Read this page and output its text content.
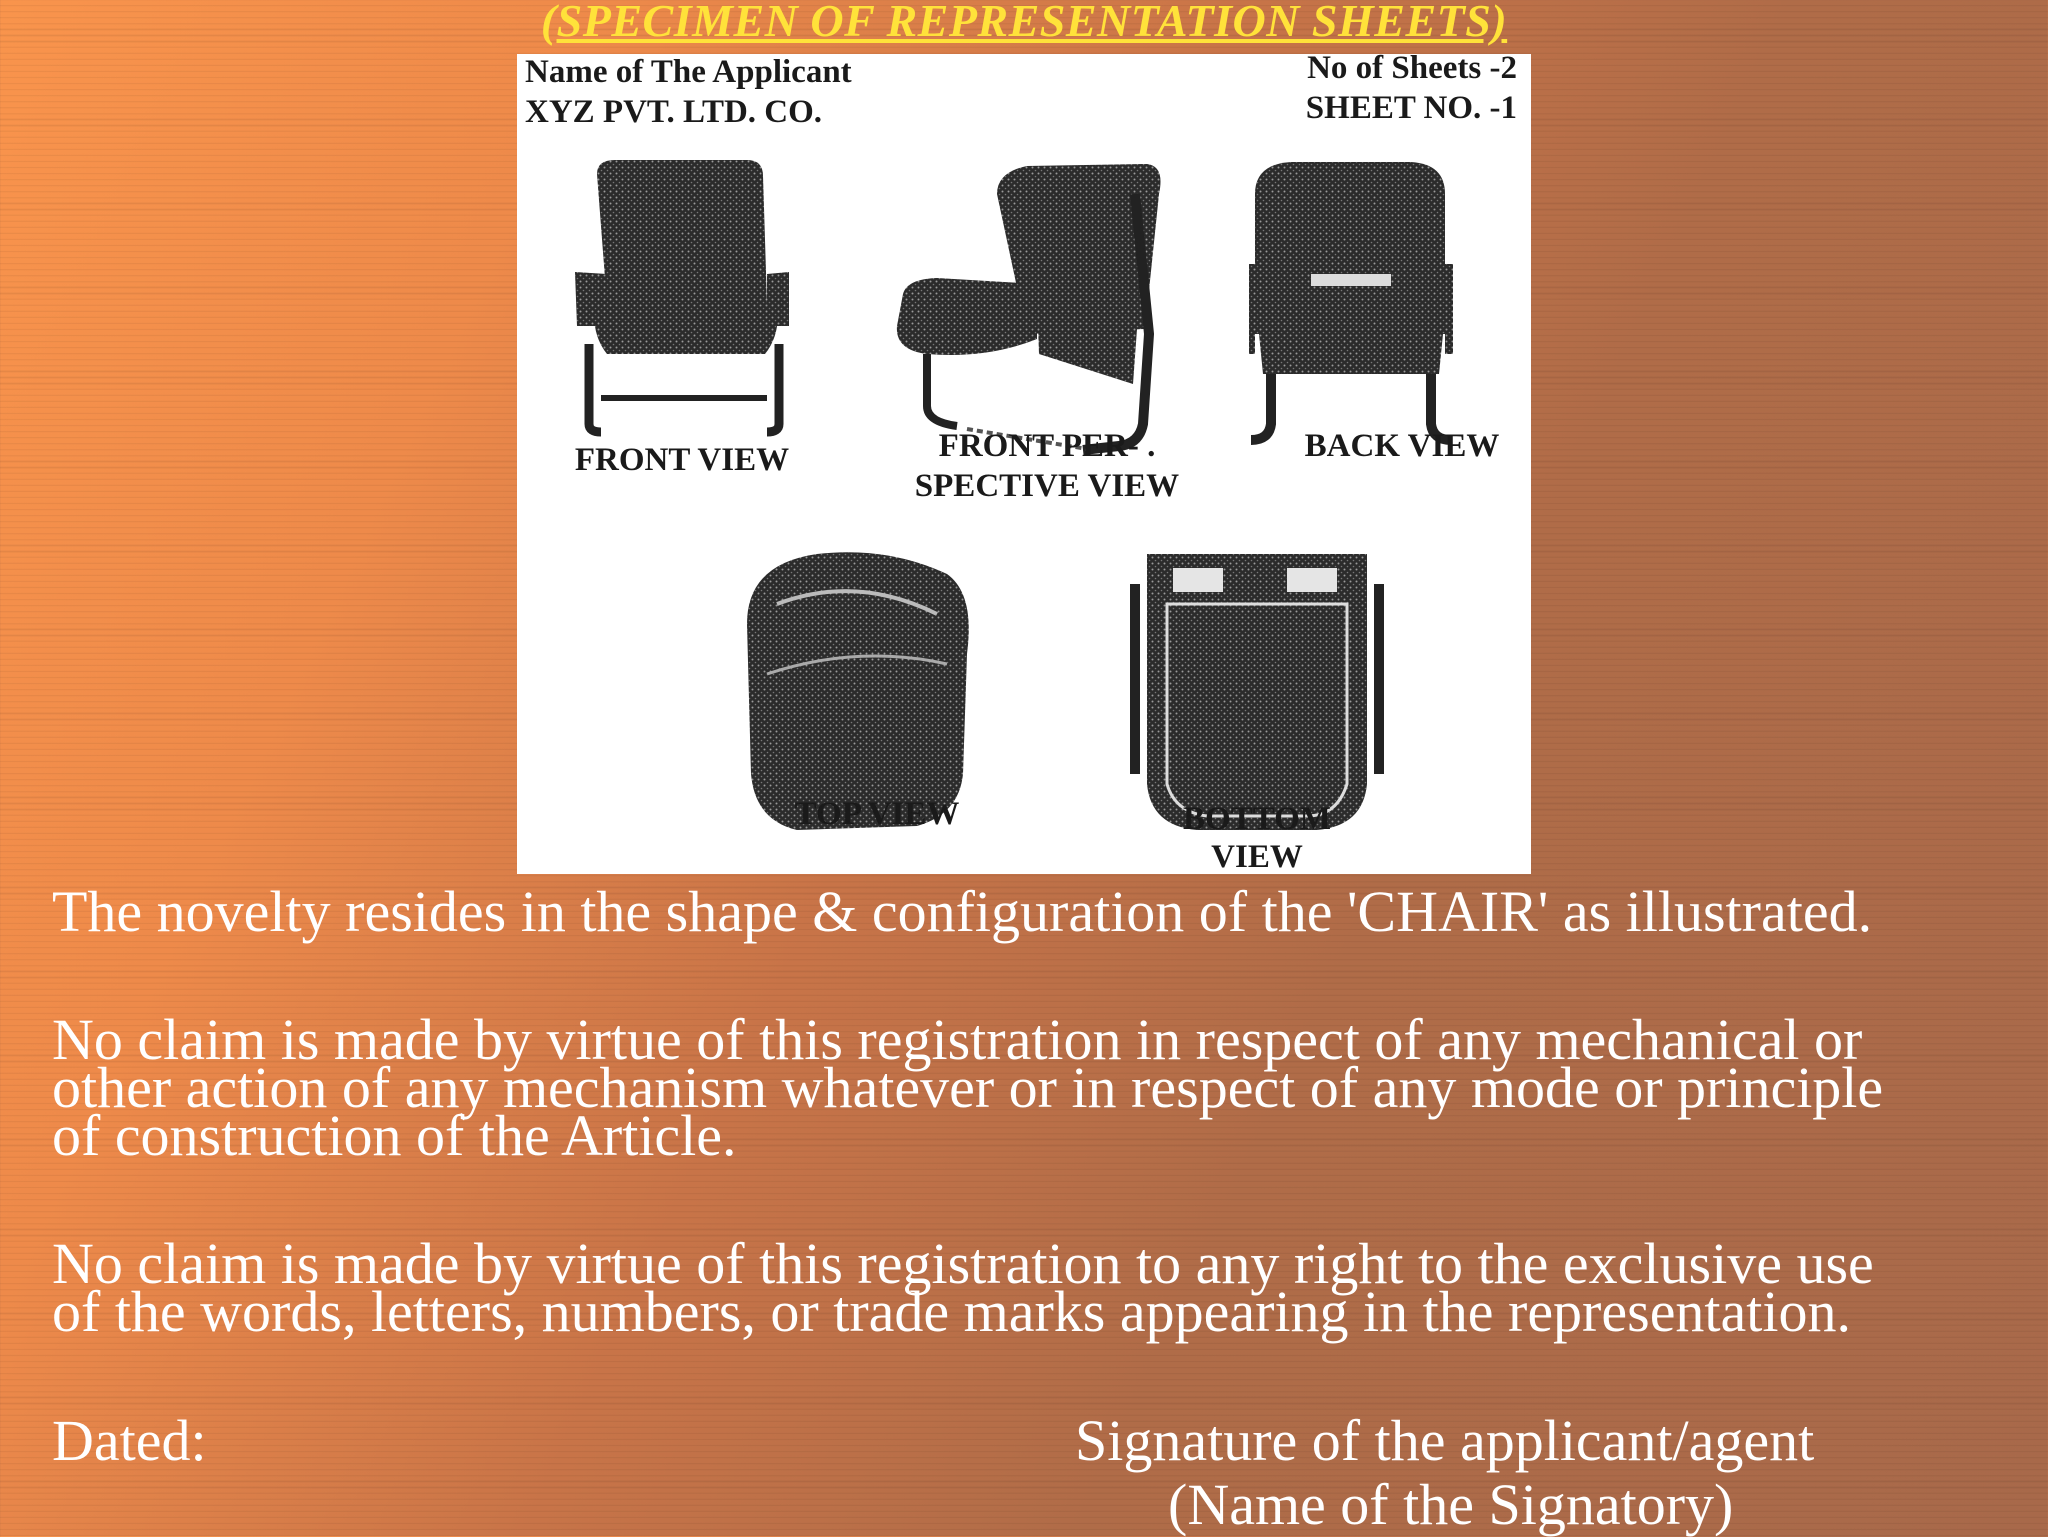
(SPECIMEN OF REPRESENTATION SHEETS)
Name of The Applicant
XYZ PVT. LTD. CO.
No of Sheets -2
SHEET NO. -1
FRONT VIEW	FRONT PER- .
SPECTIVE VIEW
BACK VIEW
TOP VIEW	BOTTOM
VIEW
The novelty resides in the shape & configuration of the 'CHAIR' as illustrated.
No claim is made by virtue of this registration in respect of any mechanical or
other action of any mechanism whatever or in respect of any mode or principle
of construction of the Article.
No claim is made by virtue of this registration to any right to the exclusive use
of the words, letters, numbers, or trade marks appearing in the representation.
Dated:	Signature of the applicant/agent
(Name of the Signatory)
